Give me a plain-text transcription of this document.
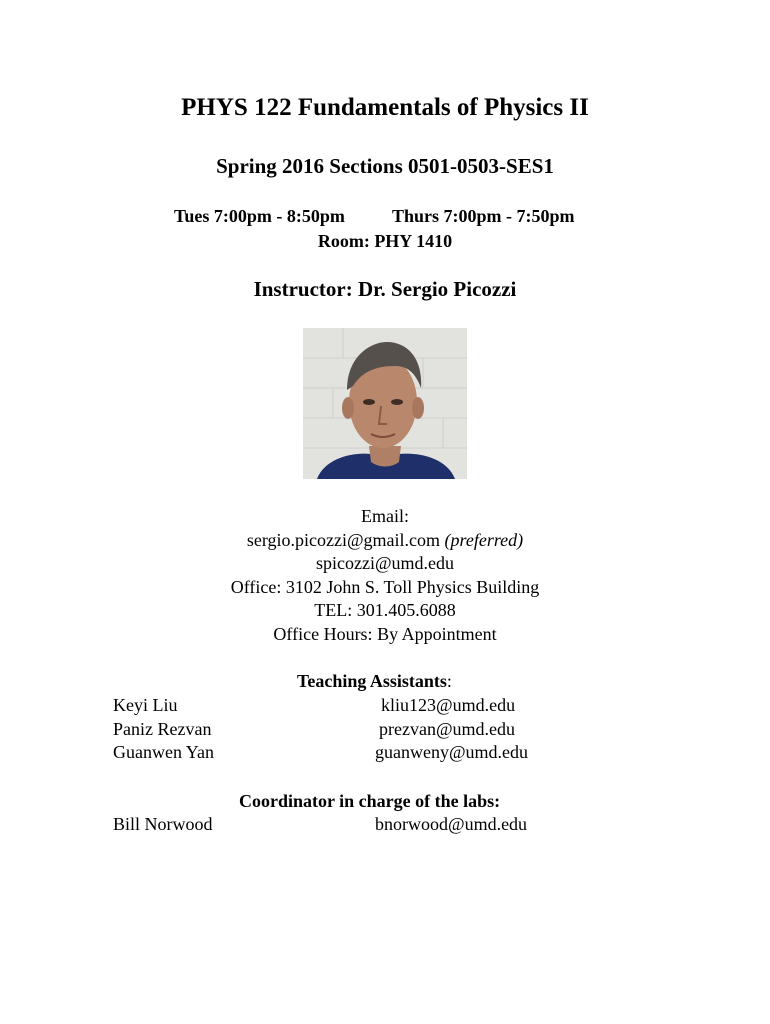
PHYS 122 Fundamentals of Physics II
Spring 2016 Sections 0501-0503-SES1
Tues 7:00pm - 8:50pm	Thurs 7:00pm - 7:50pm
Room: PHY 1410
Instructor: Dr. Sergio Picozzi
Email:
sergio.picozzi@gmail.com (preferred)
spicozzi@umd.edu
Office: 3102 John S. Toll Physics Building
TEL: 301.405.6088
Office Hours: By Appointment
Teaching Assistants:
Keyi Liu	kliu123@umd.edu
Paniz Rezvan	prezvan@umd.edu
Guanwen Yan	guanweny@umd.edu
Coordinator in charge of the labs:
Bill Norwood	bnorwood@umd.edu
